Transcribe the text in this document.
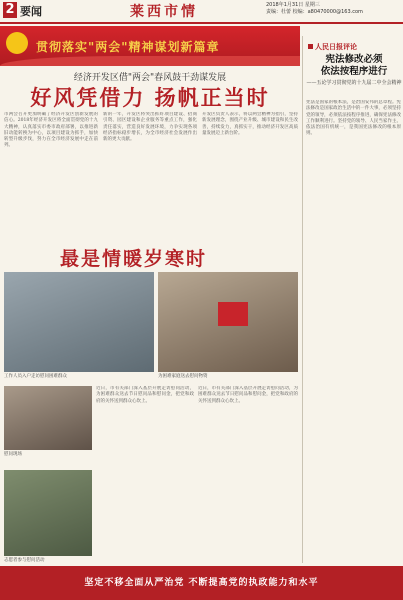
2 要闻	莱西市情	2018年1月31日 星期三
责编：杜蕾 校编：a80470000@163.com
贯彻落实"两会"精神谋划新篇章
经济开发区借"两会"春风鼓干劲谋发展
好风凭借力 扬帆正当时
市两会召开更加明确了经济开发区创新发展的信心。2018年经济开发区将全面贯彻党的十九大精神，认真落实市委市政府部署，以推进新旧动能转换为中心，以项目建设为抓手，加快转型升级步伐，努力在全市经济发展中走在前列。
新的一年，开发区将突出抓好项目建设、招商引资、园区建设和企业服务等重点工作，强化责任落实，营造良好发展环境，力争实现各项经济指标稳步增长，为全市经济社会发展作出新的更大贡献。
开发区负责人表示，将以两会精神为指引，坚持新发展理念，围绕产业升级、城市建设和民生改善，持续发力，真抓实干，推动经济开发区高质量发展迈上新台阶。
最是情暖岁寒时
工作人员入户走访慰问困难群众	为困难家庭送去慰问物资
慰问现场
志愿者参与慰问活动
近日，市有关部门深入基层开展走访慰问活动，为困难群众送去节日慰问品和慰问金，把党和政府的关怀送到群众心坎上。
近日，市有关部门深入基层开展走访慰问活动，为困难群众送去节日慰问品和慰问金，把党和政府的关怀送到群众心坎上。
人民日报评论
宪法修改必须
依法按程序进行
——五论学习贯彻党的十九届二中全会精神
宪法是国家的根本法，是治国安邦的总章程。宪法修改是国家政治生活中的一件大事，必须坚持党的领导，必须依法按程序推进，确保宪法修改工作顺利进行。坚持党的领导、人民当家作主、依法治国有机统一，是我国宪法修改的根本原则。
坚定不移全面从严治党 不断提高党的执政能力和水平
